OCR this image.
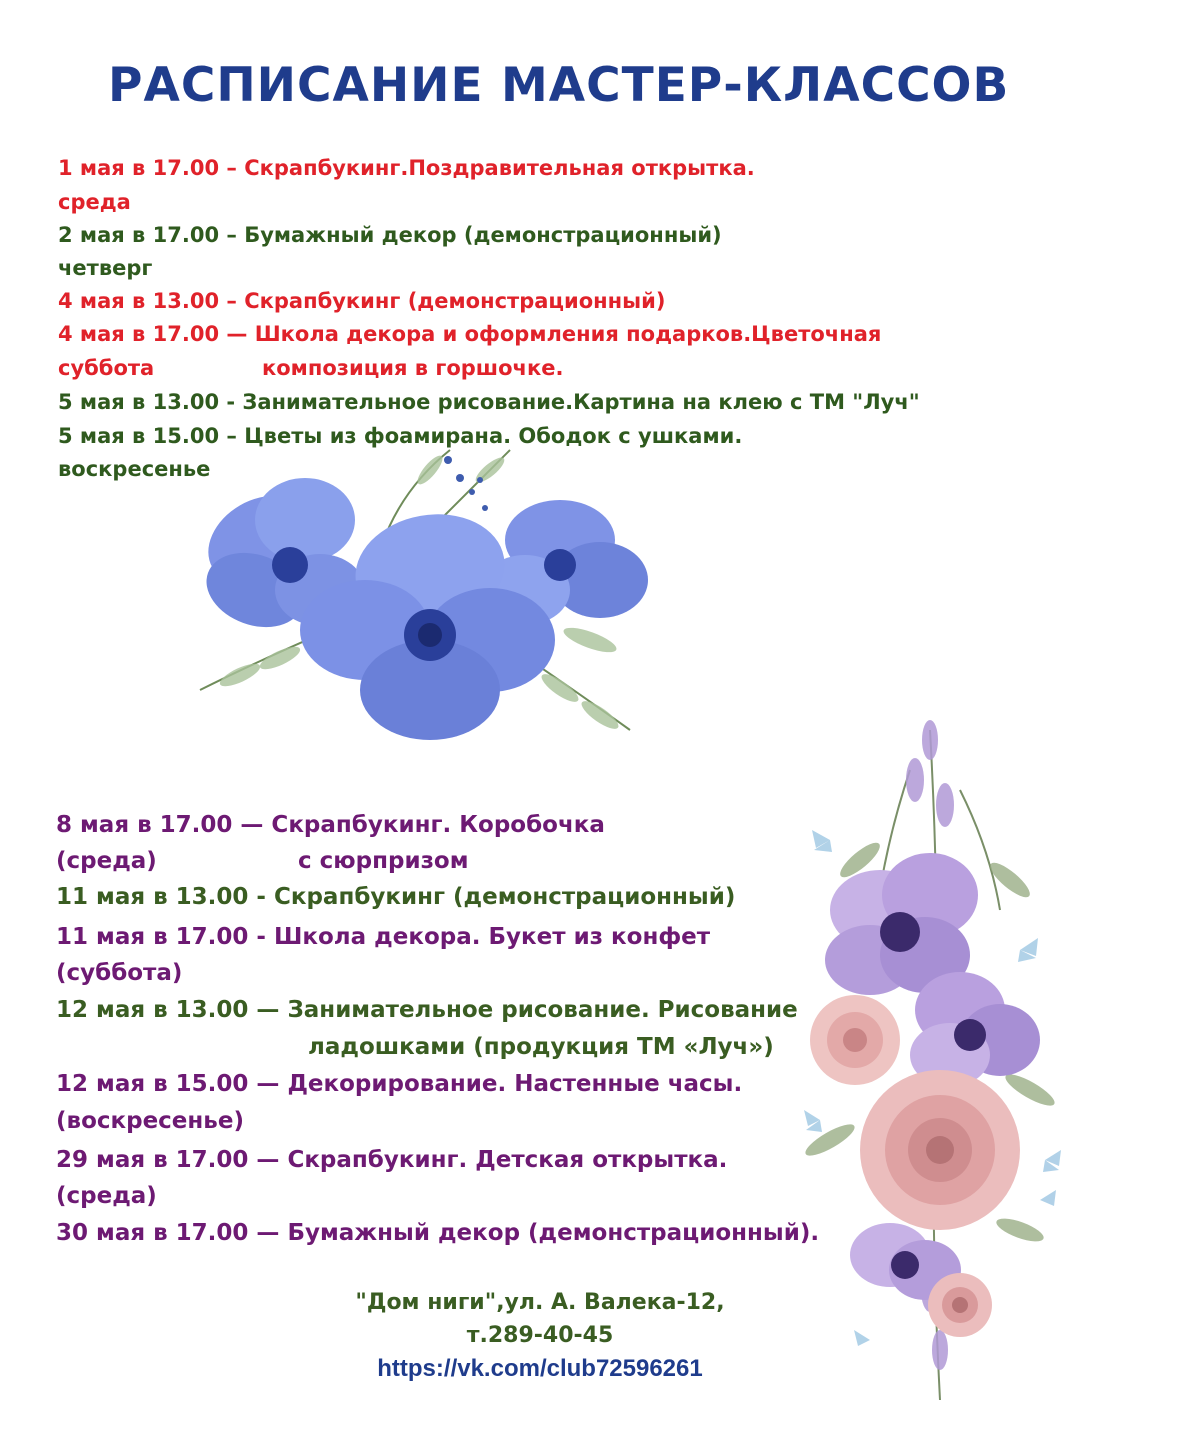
РАСПИСАНИЕ МАСТЕР-КЛАССОВ
1 мая в 17.00 – Скрапбукинг.Поздравительная открытка.
среда
2 мая в 17.00 – Бумажный декор (демонстрационный)
четверг
4 мая в 13.00 – Скрапбукинг (демонстрационный)
4 мая в 17.00 — Школа декора и оформления подарков.Цветочная
суббота	композиция в горшочке.
5 мая в 13.00 - Занимательное рисование.Картина на клею с ТМ "Луч"
5 мая в 15.00 – Цветы из фоамирана. Ободок с ушками.
воскресенье
8 мая в 17.00 — Скрапбукинг. Коробочка
(среда)	с сюрпризом
11 мая в 13.00 - Скрапбукинг (демонстрационный)
11 мая в 17.00 - Школа декора. Букет из конфет
(суббота)
12 мая в 13.00 — Занимательное рисование. Рисование
ладошками (продукция ТМ «Луч»)
12 мая в 15.00 — Декорирование. Настенные часы.
(воскресенье)
29 мая в 17.00 — Скрапбукинг. Детская открытка.
(среда)
30 мая в 17.00 — Бумажный декор (демонстрационный).
"Дом ниги",ул. А. Валека-12,
т.289-40-45
https://vk.com/club72596261
